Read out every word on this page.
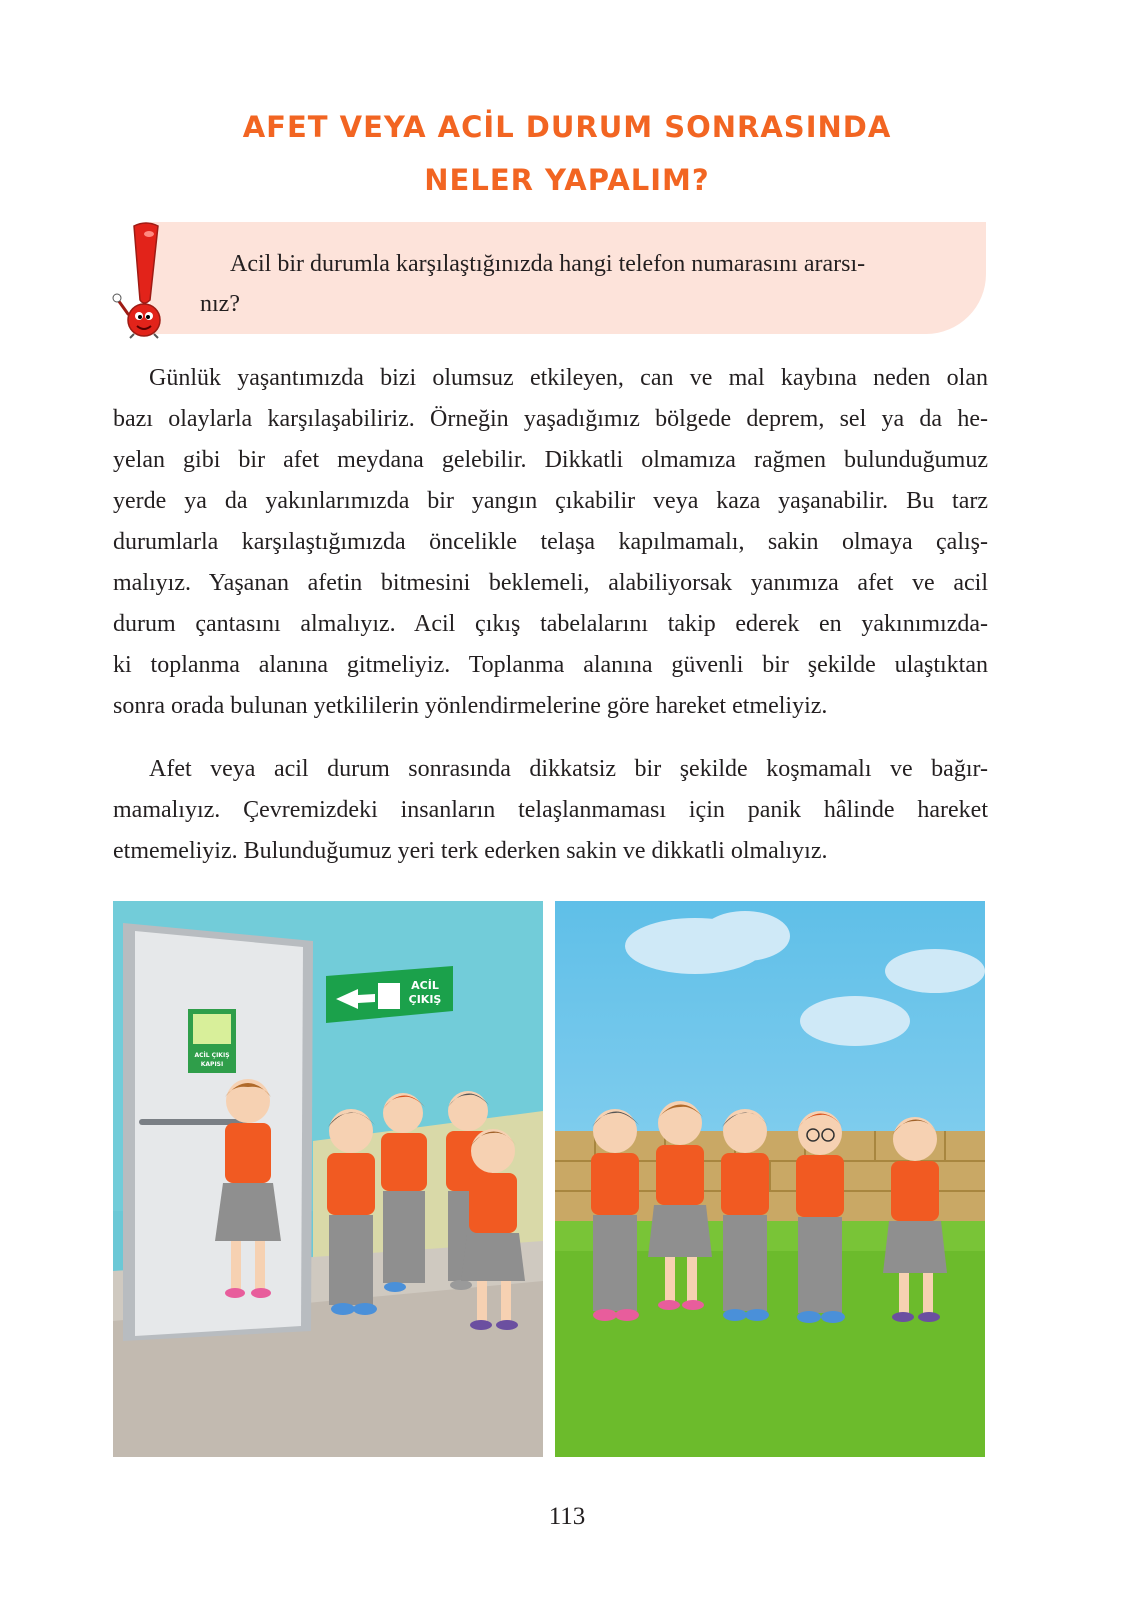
AFET VEYA ACİL DURUM SONRASINDA
NELER YAPALIM?
Acil bir durumla karşılaştığınızda hangi telefon numarasını ararsı-
nız?
Günlük yaşantımızda bizi olumsuz etkileyen, can ve mal kaybına neden olan
bazı olaylarla karşılaşabiliriz. Örneğin yaşadığımız bölgede deprem, sel ya da he-
yelan gibi bir afet meydana gelebilir. Dikkatli olmamıza rağmen bulunduğumuz
yerde ya da yakınlarımızda bir yangın çıkabilir veya kaza yaşanabilir. Bu tarz
durumlarla karşılaştığımızda öncelikle telaşa kapılmamalı, sakin olmaya çalış-
malıyız. Yaşanan afetin bitmesini beklemeli, alabiliyorsak yanımıza afet ve acil
durum çantasını almalıyız. Acil çıkış tabelalarını takip ederek en yakınımızda-
ki toplanma alanına gitmeliyiz. Toplanma alanına güvenli bir şekilde ulaştıktan
sonra orada bulunan yetkililerin yönlendirmelerine göre hareket etmeliyiz.
Afet veya acil durum sonrasında dikkatsiz bir şekilde koşmamalı ve bağır-
mamalıyız. Çevremizdeki insanların telaşlanmaması için panik hâlinde hareket
etmemeliyiz. Bulunduğumuz yeri terk ederken sakin ve dikkatli olmalıyız.
ACİL ÇIKIŞ
KAPISI
ACİL
ÇIKIŞ
113
